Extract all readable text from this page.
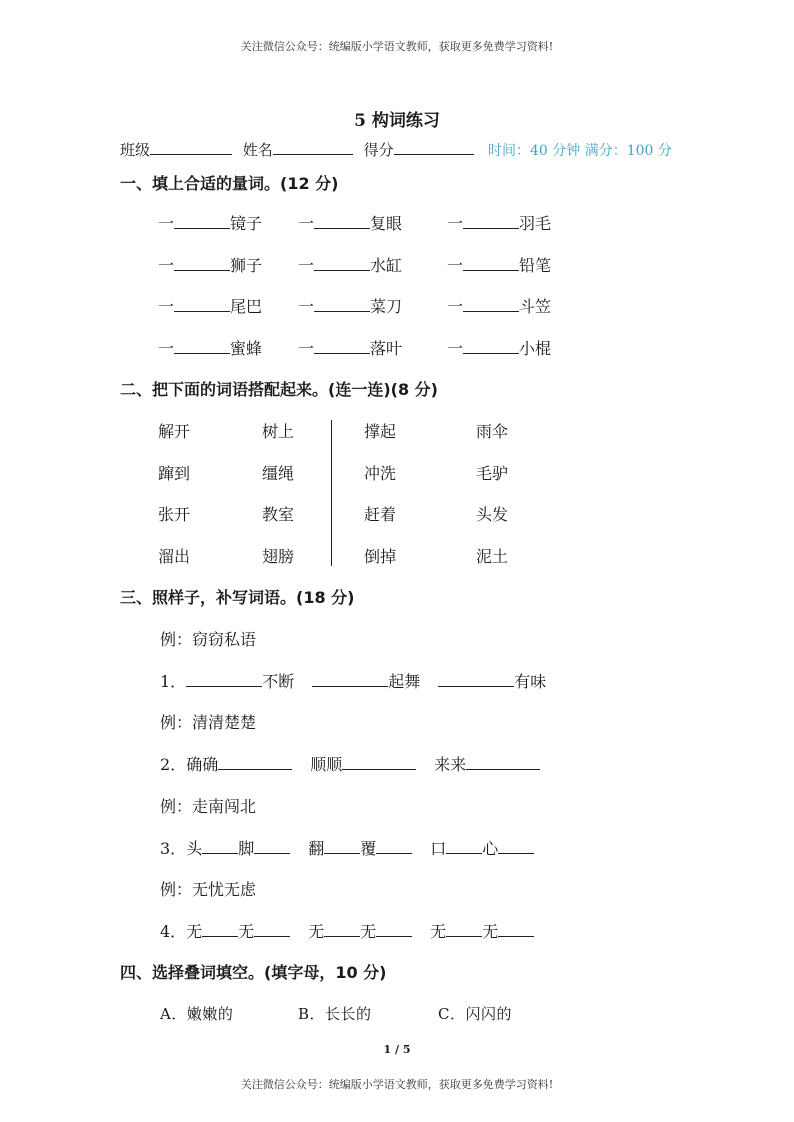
关注微信公众号：统编版小学语文教师，获取更多免费学习资料!
5 构词练习
班级	姓名	得分	时间：40 分钟 满分：100 分
一、填上合适的量词。(12 分)
一	镜子 一	复眼	一	羽毛
一	狮子 一	水缸	一	铅笔
一	尾巴 一	菜刀	一	斗笠
一	蜜蜂 一	落叶	一	小棍
二、把下面的词语搭配起来。(连一连)(8 分)
解开	树上	撑起	雨伞
蹿到	缰绳	冲洗	毛驴
张开	教室	赶着	头发
溜出	翅膀	倒掉	泥土
三、照样子，补写词语。(18 分)
例：窃窃私语
1．	不断	起舞	有味
例：清清楚楚
2．确确	顺顺	来来
例：走南闯北
3．头 脚	翻 覆	口 心
例：无忧无虑
4．无 无	无 无	无 无
四、选择叠词填空。(填字母，10 分)
A．嫩嫩的	B．长长的	C．闪闪的
1 / 5
关注微信公众号：统编版小学语文教师，获取更多免费学习资料!
